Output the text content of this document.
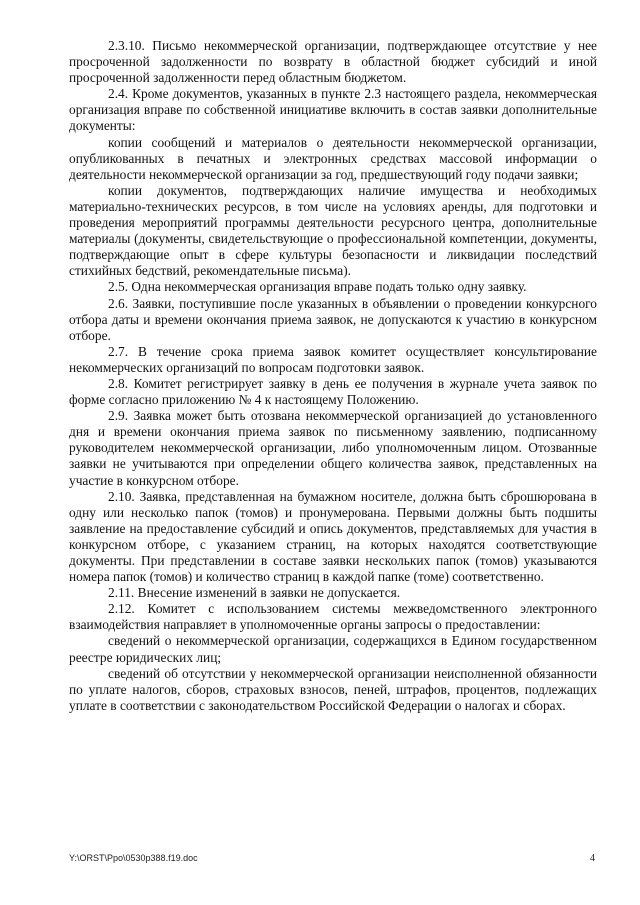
2.3.10. Письмо некоммерческой организации, подтверждающее отсутствие у нее просроченной задолженности по возврату в областной бюджет субсидий и иной просроченной задолженности перед областным бюджетом.

2.4. Кроме документов, указанных в пункте 2.3 настоящего раздела, некоммерческая организация вправе по собственной инициативе включить в состав заявки дополнительные документы:

копии сообщений и материалов о деятельности некоммерческой организации, опубликованных в печатных и электронных средствах массовой информации о деятельности некоммерческой организации за год, предшествующий году подачи заявки;

копии документов, подтверждающих наличие имущества и необходимых материально-технических ресурсов, в том числе на условиях аренды, для подготовки и проведения мероприятий программы деятельности ресурсного центра, дополнительные материалы (документы, свидетельствующие о профессиональной компетенции, документы, подтверждающие опыт в сфере культуры безопасности и ликвидации последствий стихийных бедствий, рекомендательные письма).

2.5. Одна некоммерческая организация вправе подать только одну заявку.

2.6. Заявки, поступившие после указанных в объявлении о проведении конкурсного отбора даты и времени окончания приема заявок, не допускаются к участию в конкурсном отборе.

2.7. В течение срока приема заявок комитет осуществляет консультирование некоммерческих организаций по вопросам подготовки заявок.

2.8. Комитет регистрирует заявку в день ее получения в журнале учета заявок по форме согласно приложению № 4 к настоящему Положению.

2.9. Заявка может быть отозвана некоммерческой организацией до установленного дня и времени окончания приема заявок по письменному заявлению, подписанному руководителем некоммерческой организации, либо уполномоченным лицом. Отозванные заявки не учитываются при определении общего количества заявок, представленных на участие в конкурсном отборе.

2.10. Заявка, представленная на бумажном носителе, должна быть сброшюрована в одну или несколько папок (томов) и пронумерована. Первыми должны быть подшиты заявление на предоставление субсидий и опись документов, представляемых для участия в конкурсном отборе, с указанием страниц, на которых находятся соответствующие документы. При представлении в составе заявки нескольких папок (томов) указываются номера папок (томов) и количество страниц в каждой папке (томе) соответственно.

2.11. Внесение изменений в заявки не допускается.

2.12. Комитет с использованием системы межведомственного электронного взаимодействия направляет в уполномоченные органы запросы о предоставлении:

сведений о некоммерческой организации, содержащихся в Едином государственном реестре юридических лиц;

сведений об отсутствии у некоммерческой организации неисполненной обязанности по уплате налогов, сборов, страховых взносов, пеней, штрафов, процентов, подлежащих уплате в соответствии с законодательством Российской Федерации о налогах и сборах.

Y:\ORST\Ppo\0530p388.f19.doc	4
